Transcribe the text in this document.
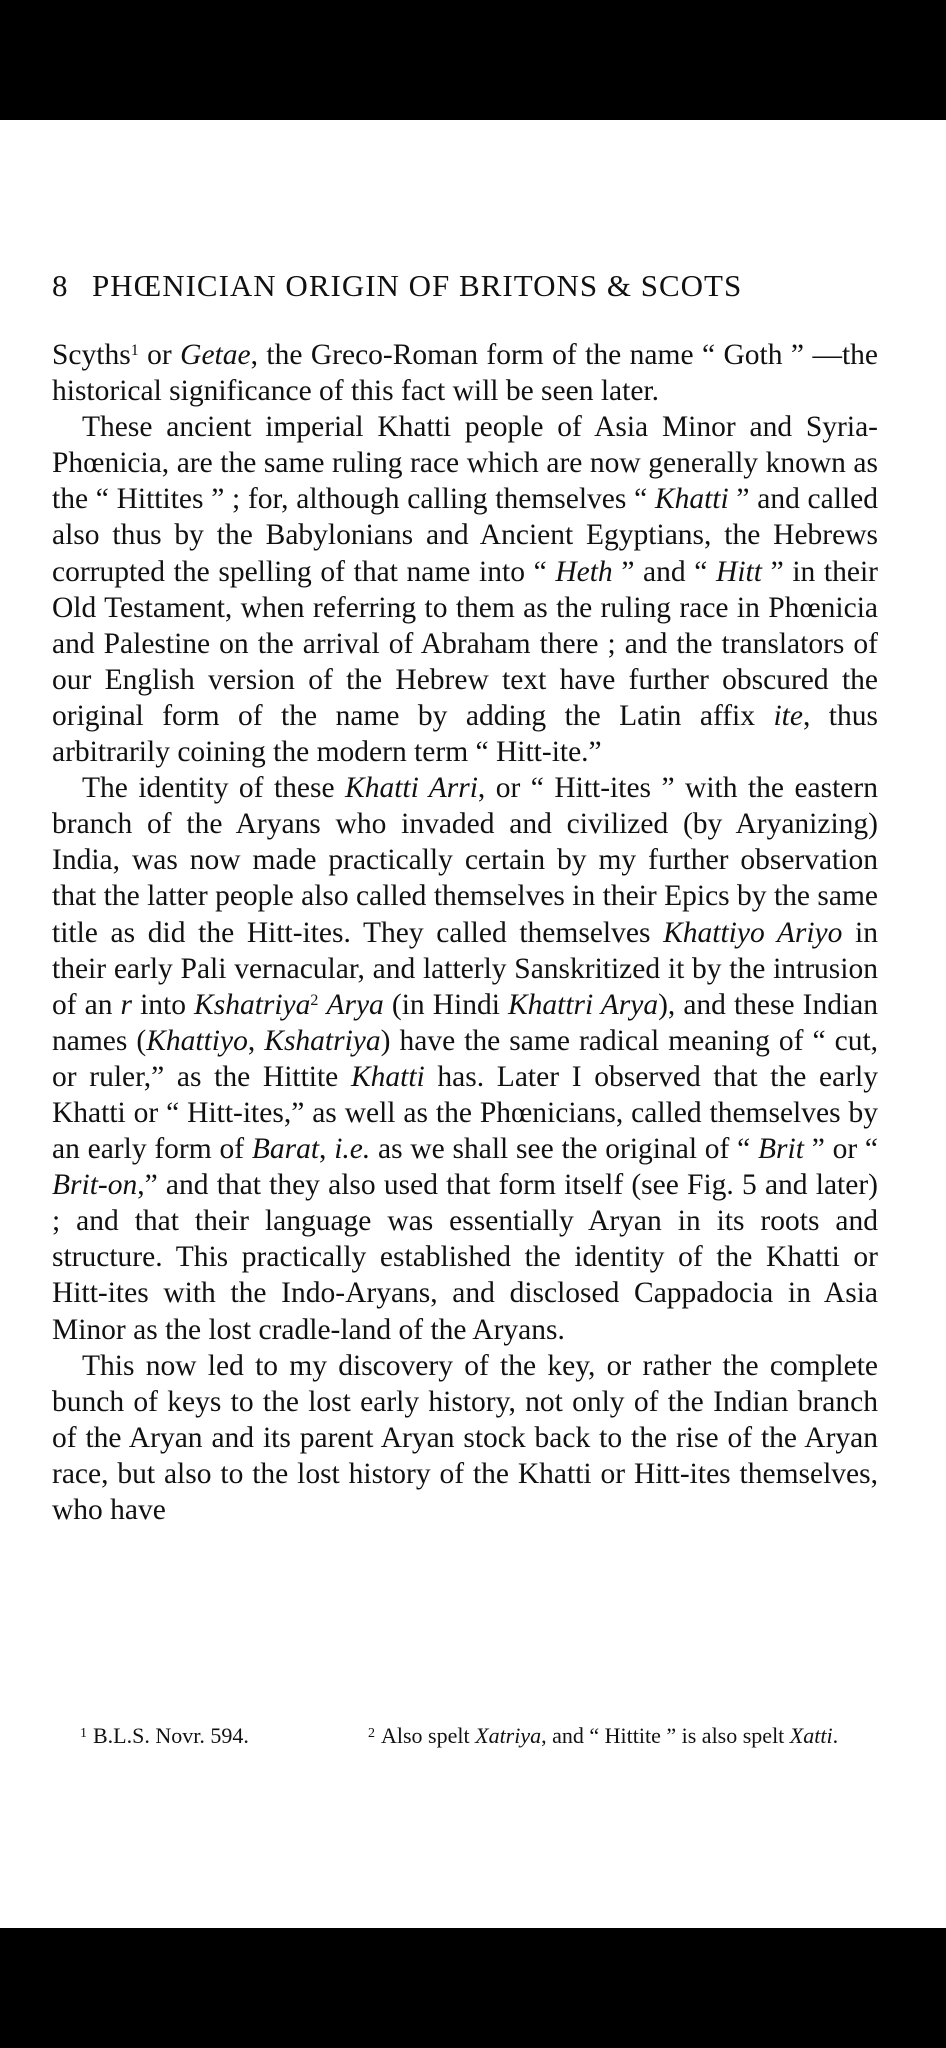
8 PHŒNICIAN ORIGIN OF BRITONS & SCOTS

Scyths$^1$ or Getae, the Greco-Roman form of the name “ Goth ” —the historical significance of this fact will be seen later.

These ancient imperial Khatti people of Asia Minor and Syria-Phœnicia, are the same ruling race which are now generally known as the “ Hittites ” ; for, although calling themselves “ Khatti ” and called also thus by the Babylonians and Ancient Egyptians, the Hebrews corrupted the spelling of that name into “ Heth ” and “ Hitt ” in their Old Testament, when referring to them as the ruling race in Phœnicia and Palestine on the arrival of Abraham there ; and the translators of our English version of the Hebrew text have further obscured the original form of the name by adding the Latin affix ite, thus arbitrarily coining the modern term “ Hitt-ite.”

The identity of these Khatti Arri, or “ Hitt-ites ” with the eastern branch of the Aryans who invaded and civilized (by Aryanizing) India, was now made practically certain by my further observation that the latter people also called themselves in their Epics by the same title as did the Hitt-ites. They called themselves Khattiyo Ariyo in their early Pali vernacular, and latterly Sanskritized it by the intrusion of an r into Kshatriya$^2$ Arya (in Hindi Khattri Arya), and these Indian names (Khattiyo, Kshatriya) have the same radical meaning of “ cut, or ruler,” as the Hittite Khatti has. Later I observed that the early Khatti or “ Hitt-ites,” as well as the Phœnicians, called themselves by an early form of Barat, i.e. as we shall see the original of “ Brit ” or “ Brit-on,” and that they also used that form itself (see Fig. 5 and later) ; and that their language was essentially Aryan in its roots and structure. This practically established the identity of the Khatti or Hitt-ites with the Indo-Aryans, and disclosed Cappadocia in Asia Minor as the lost cradle-land of the Aryans.

This now led to my discovery of the key, or rather the complete bunch of keys to the lost early history, not only of the Indian branch of the Aryan and its parent Aryan stock back to the rise of the Aryan race, but also to the lost history of the Khatti or Hitt-ites themselves, who have

$^1$ B.L.S. Novr. 594.	$^2$ Also spelt Xatriya, and “ Hittite ” is also spelt Xatti.
